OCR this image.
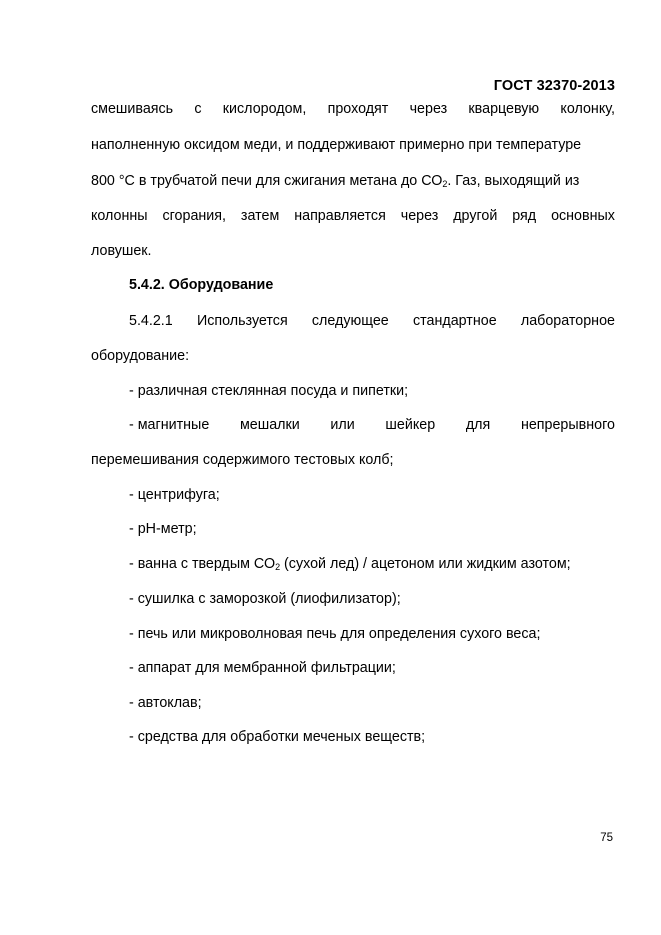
ГОСТ 32370-2013
смешиваясь с кислородом, проходят через кварцевую колонку,
наполненную оксидом меди, и поддерживают примерно при температуре
800 °С в трубчатой печи для сжигания метана до $СО_2$. Газ, выходящий из
колонны сгорания, затем направляется через другой ряд основных
ловушек.
5.4.2. Оборудование
5.4.2.1 Используется следующее стандартное лабораторное
оборудование:
- различная стеклянная посуда и пипетки;
- магнитные мешалки или шейкер для непрерывного
перемешивания содержимого тестовых колб;
- центрифуга;
- рН-метр;
- ванна с твердым $СО_2$ (сухой лед) / ацетоном или жидким азотом;
- сушилка с заморозкой (лиофилизатор);
- печь или микроволновая печь для определения сухого веса;
- аппарат для мембранной фильтрации;
- автоклав;
- средства для обработки меченых веществ;
75
